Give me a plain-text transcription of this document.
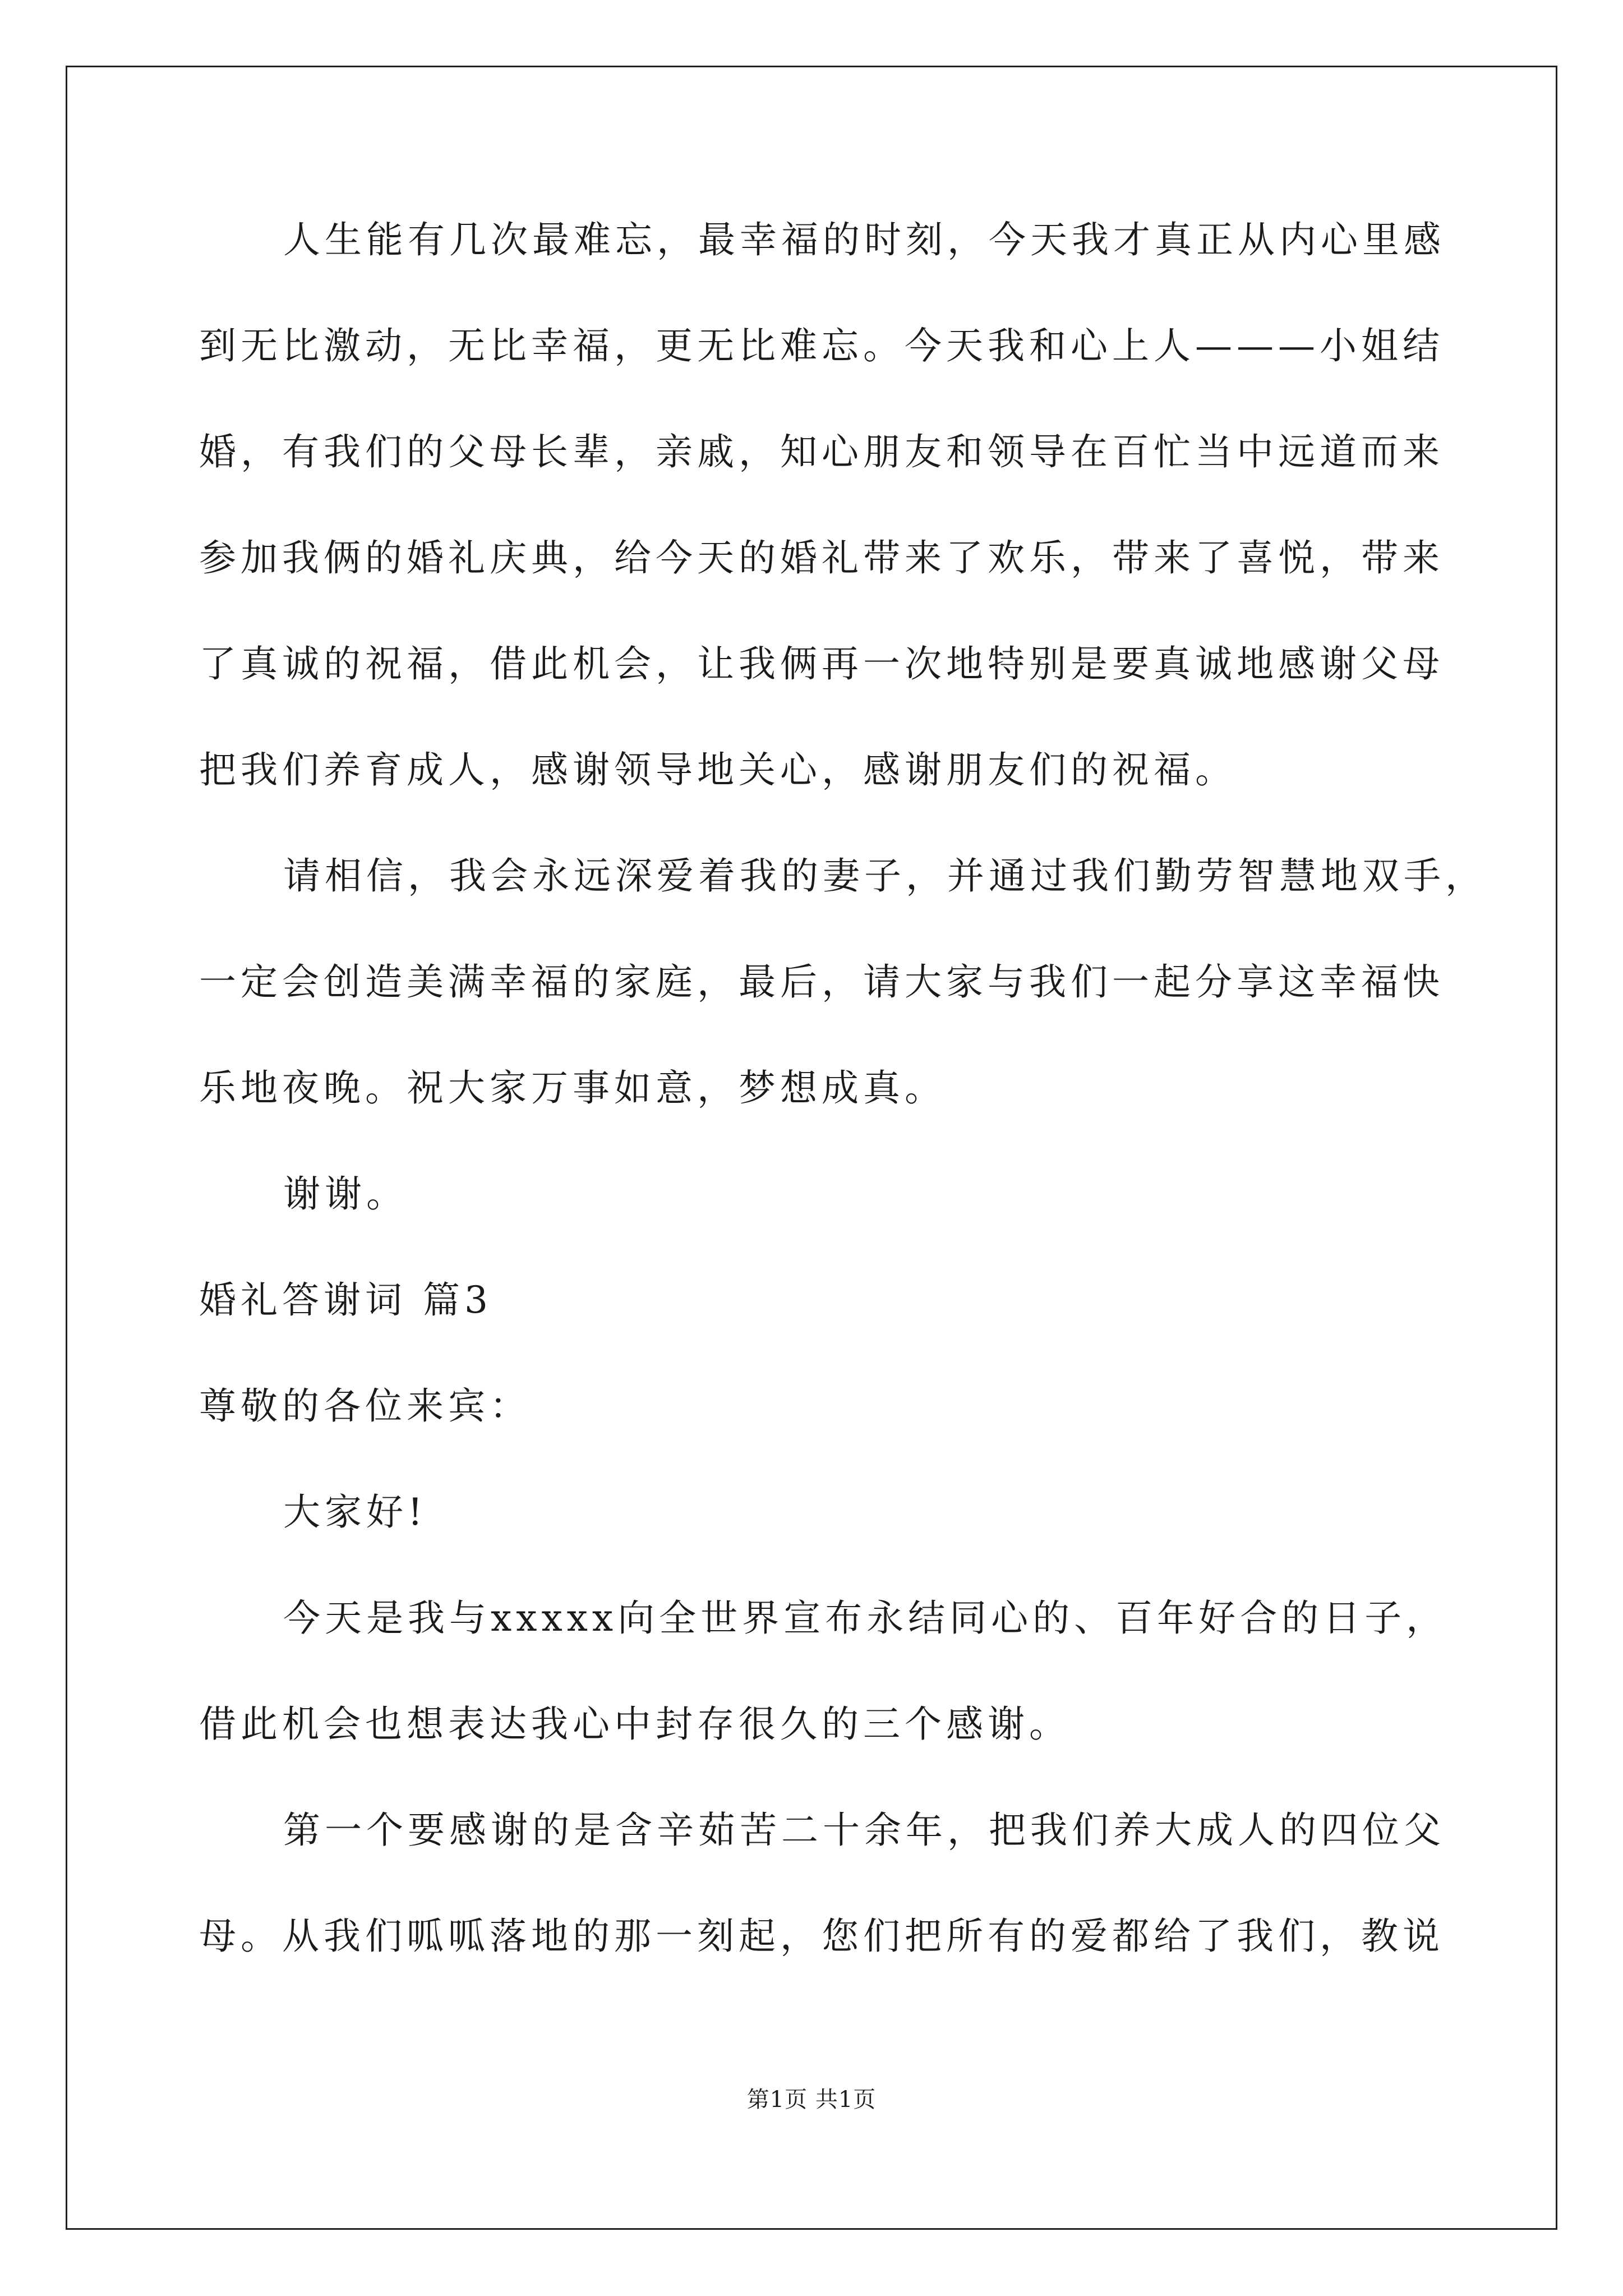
人生能有几次最难忘，最幸福的时刻，今天我才真正从内心里感
到无比激动，无比幸福，更无比难忘。今天我和心上人———小姐结
婚，有我们的父母长辈，亲戚，知心朋友和领导在百忙当中远道而来
参加我俩的婚礼庆典，给今天的婚礼带来了欢乐，带来了喜悦，带来
了真诚的祝福，借此机会，让我俩再一次地特别是要真诚地感谢父母
把我们养育成人，感谢领导地关心，感谢朋友们的祝福。
请相信，我会永远深爱着我的妻子，并通过我们勤劳智慧地双手，
一定会创造美满幸福的家庭，最后，请大家与我们一起分享这幸福快
乐地夜晚。祝大家万事如意，梦想成真。
谢谢。
婚礼答谢词 篇3
尊敬的各位来宾：
大家好!
今天是我与xxxxx向全世界宣布永结同心的、百年好合的日子，
借此机会也想表达我心中封存很久的三个感谢。
第一个要感谢的是含辛茹苦二十余年，把我们养大成人的四位父
母。从我们呱呱落地的那一刻起，您们把所有的爱都给了我们，教说
第1页 共1页
